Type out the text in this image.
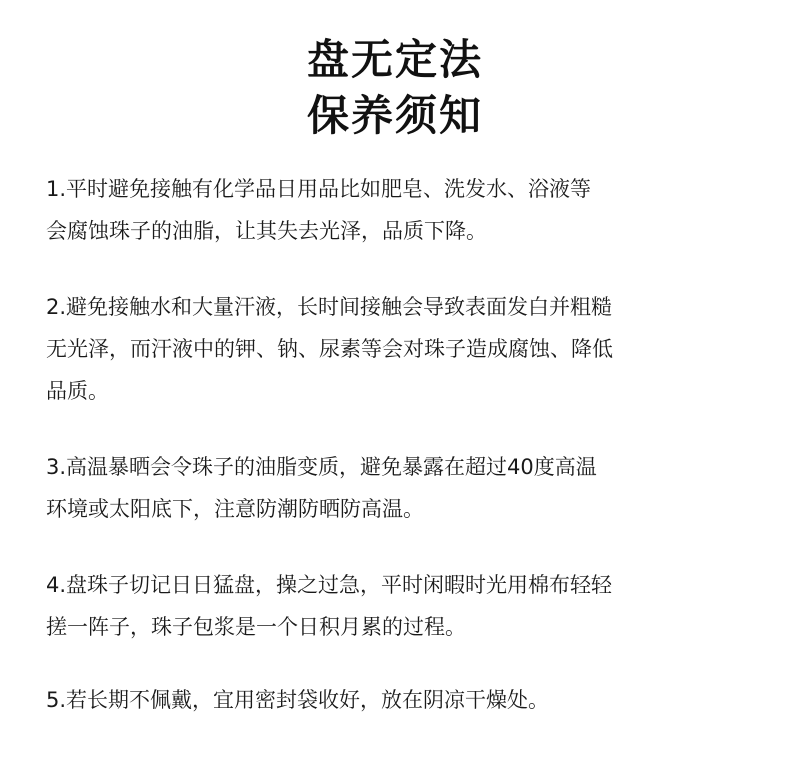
盘无定法
保养须知

1.平时避免接触有化学品日用品比如肥皂、洗发水、浴液等

会腐蚀珠子的油脂，让其失去光泽，品质下降。

2.避免接触水和大量汗液，长时间接触会导致表面发白并粗糙

无光泽，而汗液中的钾、钠、尿素等会对珠子造成腐蚀、降低

品质。

3.高温暴晒会令珠子的油脂变质，避免暴露在超过40度高温

环境或太阳底下，注意防潮防晒防高温。

4.盘珠子切记日日猛盘，操之过急，平时闲暇时光用棉布轻轻

搓一阵子，珠子包浆是一个日积月累的过程。

5.若长期不佩戴，宜用密封袋收好，放在阴凉干燥处。
